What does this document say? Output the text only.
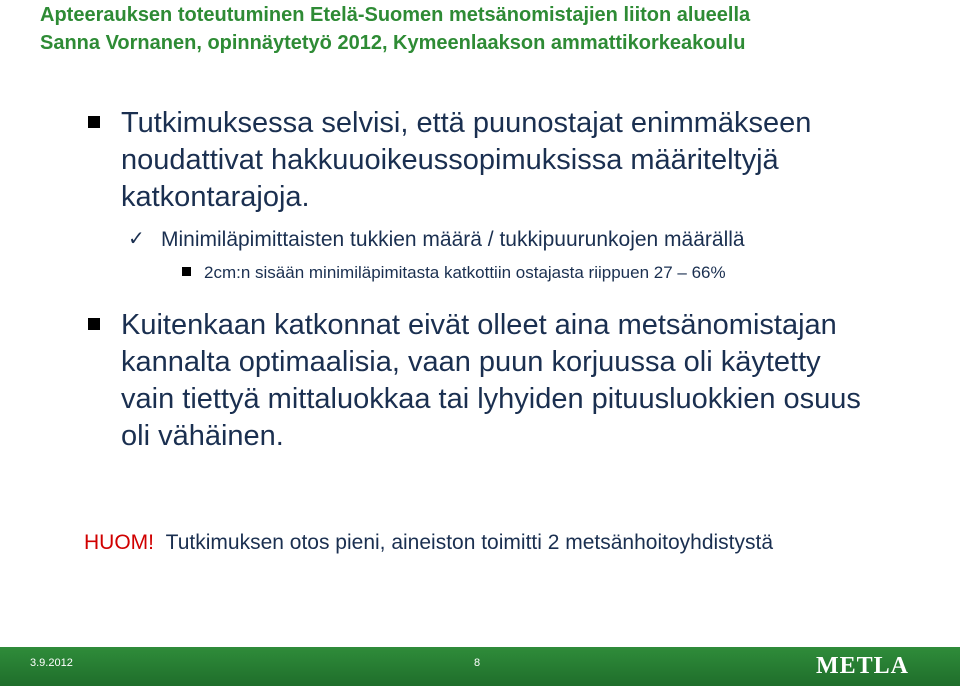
Apteerauksen toteutuminen Etelä-Suomen metsänomistajien liiton alueella

Sanna Vornanen, opinnäytetyö 2012, Kymeenlaakson ammattikorkeakoulu

Tutkimuksessa selvisi, että puunostajat enimmäkseen

noudattivat hakkuuoikeussopimuksissa määriteltyjä

katkontarajoja.

✓ Minimiläpimittaisten tukkien määrä / tukkipuurunkojen määrällä

2cm:n sisään minimiläpimitasta katkottiin ostajasta riippuen 27 – 66%

Kuitenkaan katkonnat eivät olleet aina metsänomistajan

kannalta optimaalisia, vaan puun korjuussa oli käytetty

vain tiettyä mittaluokkaa tai lyhyiden pituusluokkien osuus

oli vähäinen.

HUOM! Tutkimuksen otos pieni, aineiston toimitti 2 metsänhoitoyhdistystä

3.9.2012	8	METLA
